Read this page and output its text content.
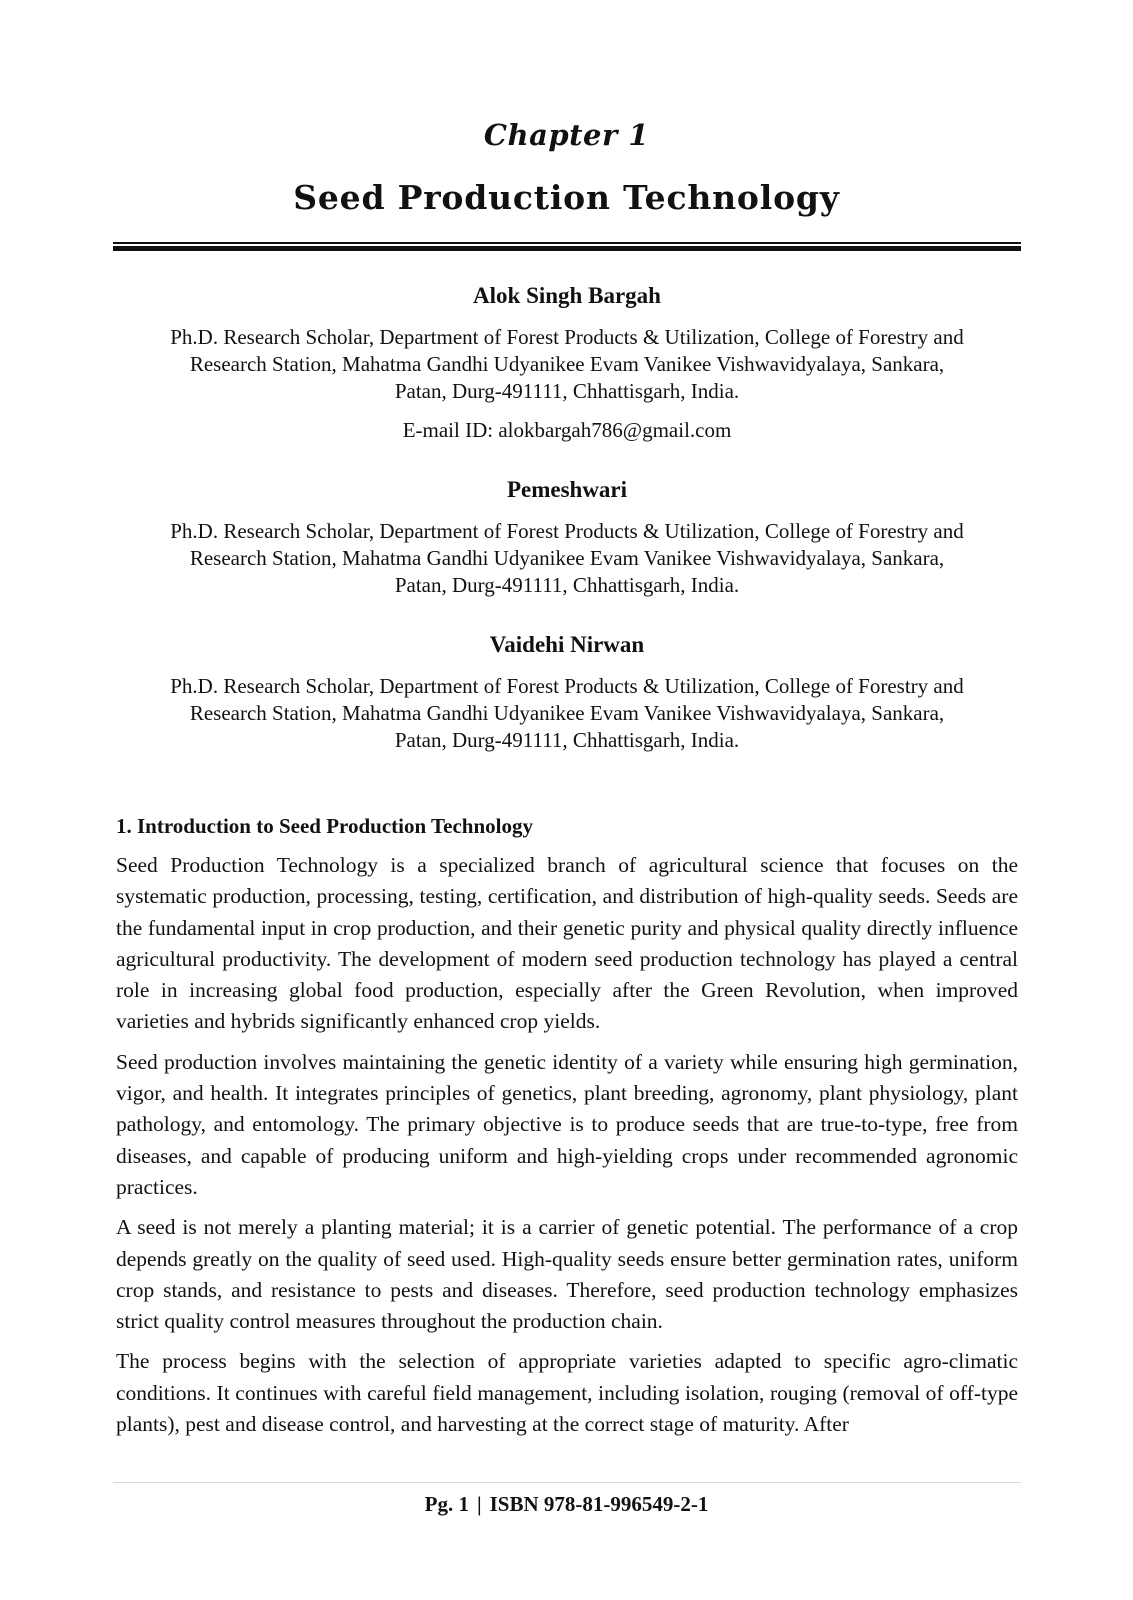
Chapter 1
Seed Production Technology

Alok Singh Bargah

Ph.D. Research Scholar, Department of Forest Products & Utilization, College of Forestry and
Research Station, Mahatma Gandhi Udyanikee Evam Vanikee Vishwavidyalaya, Sankara,
Patan, Durg-491111, Chhattisgarh, India.

E-mail ID: alokbargah786@gmail.com

Pemeshwari

Ph.D. Research Scholar, Department of Forest Products & Utilization, College of Forestry and
Research Station, Mahatma Gandhi Udyanikee Evam Vanikee Vishwavidyalaya, Sankara,
Patan, Durg-491111, Chhattisgarh, India.

Vaidehi Nirwan

Ph.D. Research Scholar, Department of Forest Products & Utilization, College of Forestry and
Research Station, Mahatma Gandhi Udyanikee Evam Vanikee Vishwavidyalaya, Sankara,
Patan, Durg-491111, Chhattisgarh, India.

1. Introduction to Seed Production Technology

Seed Production Technology is a specialized branch of agricultural science that focuses on the systematic production, processing, testing, certification, and distribution of high-quality seeds. Seeds are the fundamental input in crop production, and their genetic purity and physical quality directly influence agricultural productivity. The development of modern seed production technology has played a central role in increasing global food production, especially after the Green Revolution, when improved varieties and hybrids significantly enhanced crop yields.

Seed production involves maintaining the genetic identity of a variety while ensuring high germination, vigor, and health. It integrates principles of genetics, plant breeding, agronomy, plant physiology, plant pathology, and entomology. The primary objective is to produce seeds that are true-to-type, free from diseases, and capable of producing uniform and high-yielding crops under recommended agronomic practices.

A seed is not merely a planting material; it is a carrier of genetic potential. The performance of a crop depends greatly on the quality of seed used. High-quality seeds ensure better germination rates, uniform crop stands, and resistance to pests and diseases. Therefore, seed production technology emphasizes strict quality control measures throughout the production chain.

The process begins with the selection of appropriate varieties adapted to specific agro-climatic conditions. It continues with careful field management, including isolation, rouging (removal of off-type plants), pest and disease control, and harvesting at the correct stage of maturity. After

Pg. 1 | ISBN 978-81-996549-2-1
